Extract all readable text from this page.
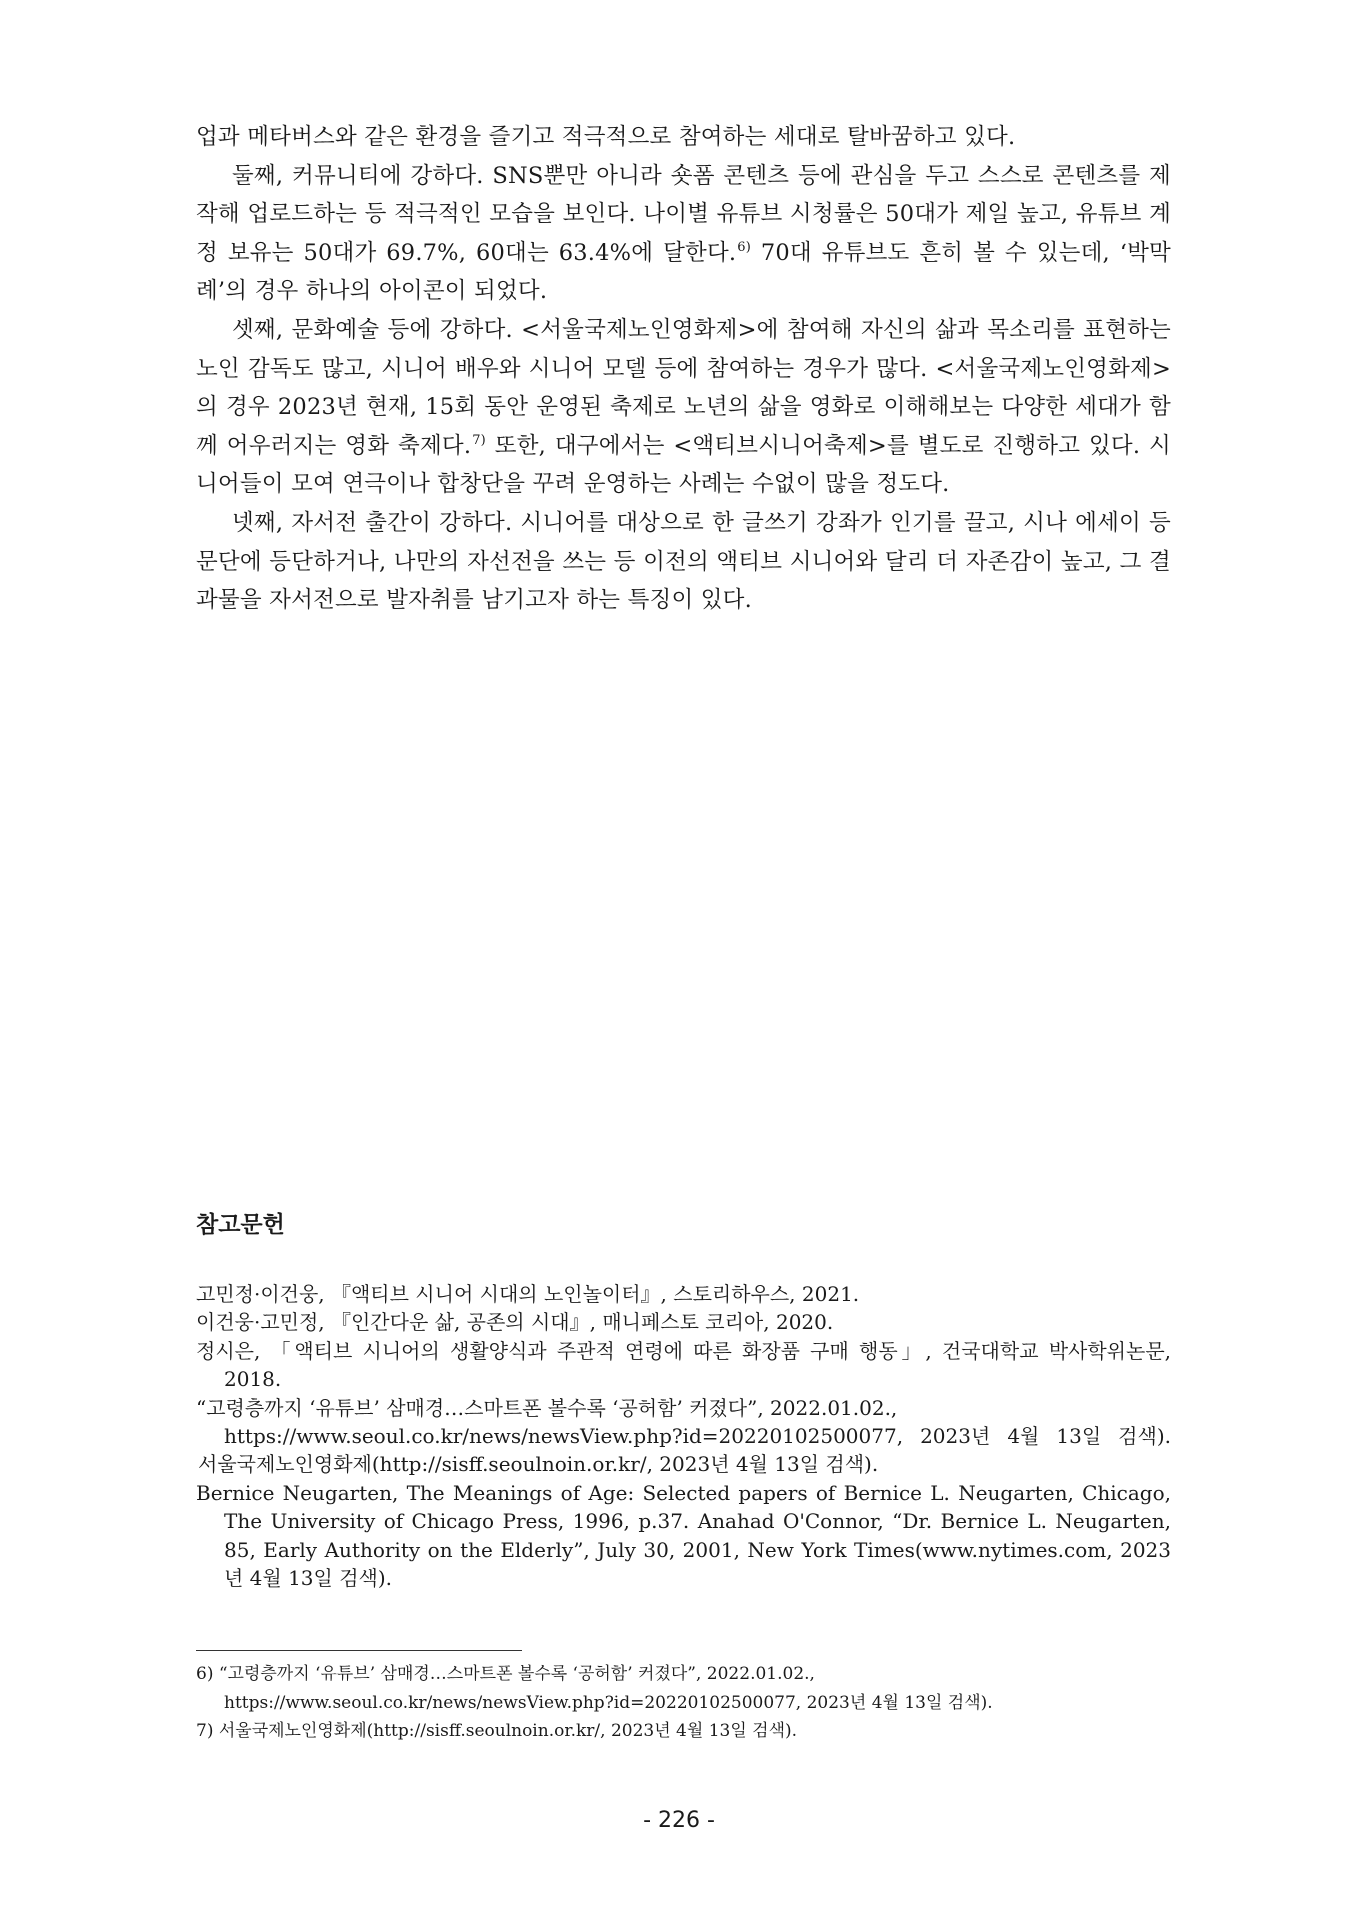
업과 메타버스와 같은 환경을 즐기고 적극적으로 참여하는 세대로 탈바꿈하고 있다.

둘째, 커뮤니티에 강하다. SNS뿐만 아니라 숏폼 콘텐츠 등에 관심을 두고 스스로 콘텐츠를 제작해 업로드하는 등 적극적인 모습을 보인다. 나이별 유튜브 시청률은 50대가 제일 높고, 유튜브 계정 보유는 50대가 69.7%, 60대는 63.4%에 달한다.$^{6)}$ 70대 유튜브도 흔히 볼 수 있는데, ‘박막례’의 경우 하나의 아이콘이 되었다.

셋째, 문화예술 등에 강하다. <서울국제노인영화제>에 참여해 자신의 삶과 목소리를 표현하는 노인 감독도 많고, 시니어 배우와 시니어 모델 등에 참여하는 경우가 많다. <서울국제노인영화제>의 경우 2023년 현재, 15회 동안 운영된 축제로 노년의 삶을 영화로 이해해보는 다양한 세대가 함께 어우러지는 영화 축제다.$^{7)}$ 또한, 대구에서는 <액티브시니어축제>를 별도로 진행하고 있다. 시니어들이 모여 연극이나 합창단을 꾸려 운영하는 사례는 수없이 많을 정도다.

넷째, 자서전 출간이 강하다. 시니어를 대상으로 한 글쓰기 강좌가 인기를 끌고, 시나 에세이 등 문단에 등단하거나, 나만의 자선전을 쓰는 등 이전의 액티브 시니어와 달리 더 자존감이 높고, 그 결과물을 자서전으로 발자취를 남기고자 하는 특징이 있다.

참고문헌

고민정·이건웅, 『액티브 시니어 시대의 노인놀이터』, 스토리하우스, 2021.

이건웅·고민정, 『인간다운 삶, 공존의 시대』, 매니페스토 코리아, 2020.

정시은, 「액티브 시니어의 생활양식과 주관적 연령에 따른 화장품 구매 행동」, 건국대학교 박사학위논문, 2018.

“고령층까지 ‘유튜브’ 삼매경…스마트폰 볼수록 ‘공허함’ 커졌다”, 2022.01.02.,

https://www.seoul.co.kr/news/newsView.php?id=20220102500077, 2023년 4월 13일 검색).

서울국제노인영화제(http://sisff.seoulnoin.or.kr/, 2023년 4월 13일 검색).

Bernice Neugarten, The Meanings of Age: Selected papers of Bernice L. Neugarten, Chicago, The University of Chicago Press, 1996, p.37. Anahad O'Connor, “Dr. Bernice L. Neugarten, 85, Early Authority on the Elderly”, July 30, 2001, New York Times(www.nytimes.com, 2023년 4월 13일 검색).

6) “고령층까지 ‘유튜브’ 삼매경…스마트폰 볼수록 ‘공허함’ 커졌다”, 2022.01.02., https://www.seoul.co.kr/news/newsView.php?id=20220102500077, 2023년 4월 13일 검색).

7) 서울국제노인영화제(http://sisff.seoulnoin.or.kr/, 2023년 4월 13일 검색).

- 226 -
